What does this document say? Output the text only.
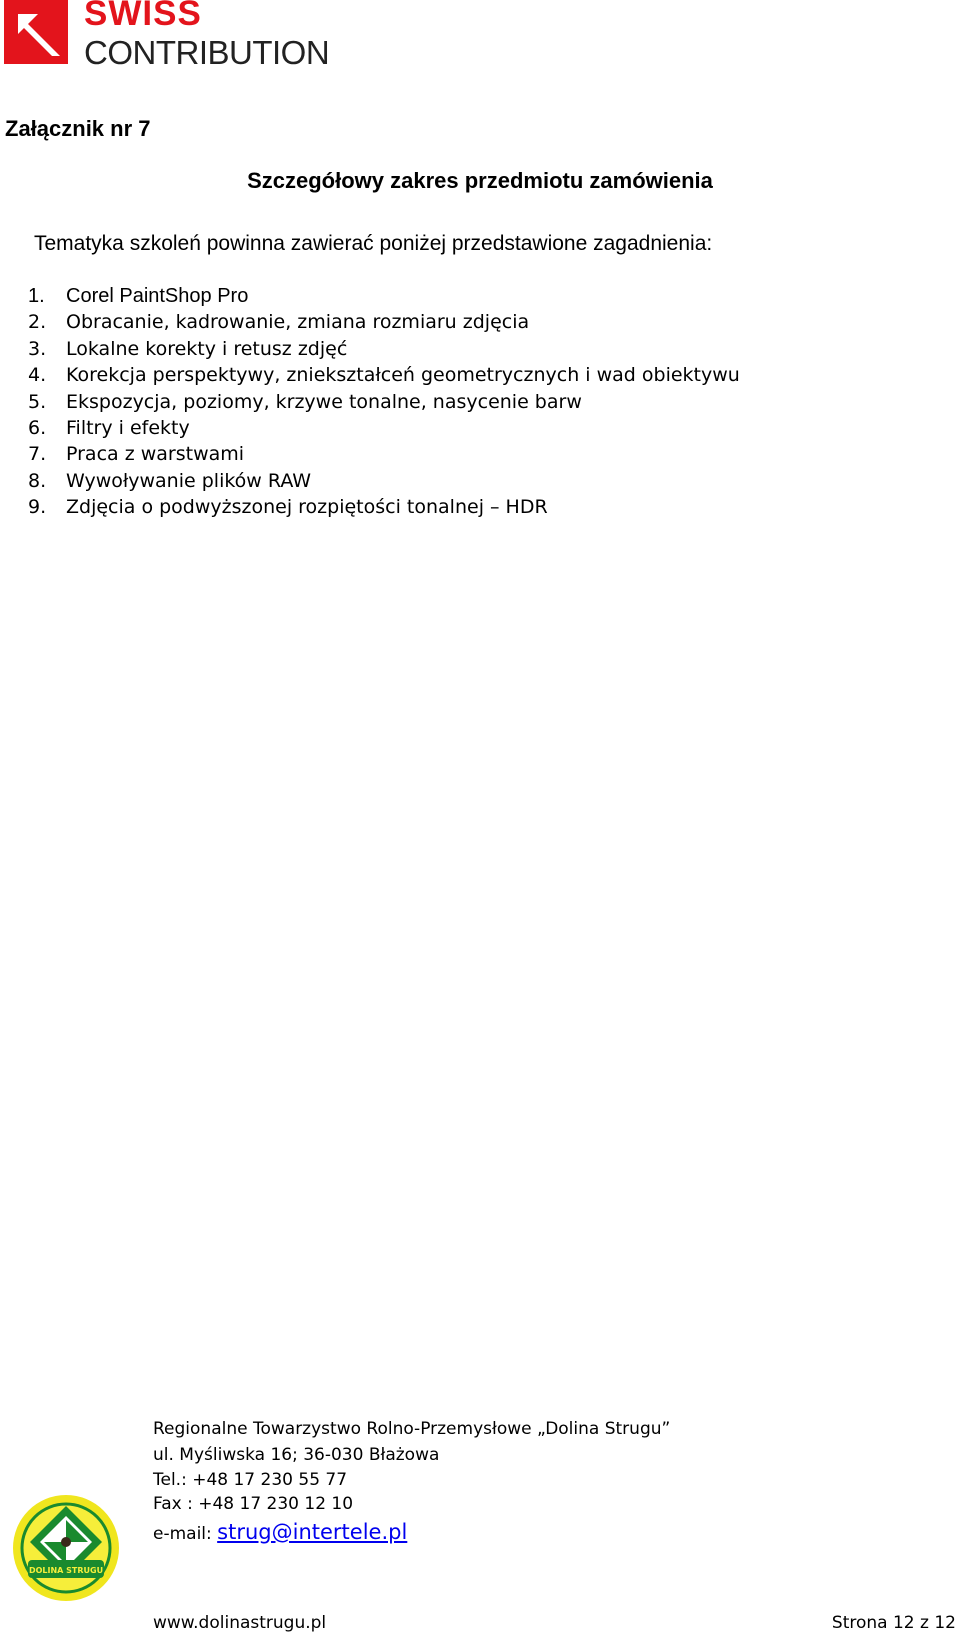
SWISS
CONTRIBUTION
Załącznik nr 7
Szczegółowy zakres przedmiotu zamówienia
Tematyka szkoleń powinna zawierać poniżej przedstawione zagadnienia:
1. Corel PaintShop Pro
2. Obracanie, kadrowanie, zmiana rozmiaru zdjęcia
3. Lokalne korekty i retusz zdjęć
4. Korekcja perspektywy, zniekształceń geometrycznych i wad obiektywu
5. Ekspozycja, poziomy, krzywe tonalne, nasycenie barw
6. Filtry i efekty
7. Praca z warstwami
8. Wywoływanie plików RAW
9. Zdjęcia o podwyższonej rozpiętości tonalnej – HDR
DOLINA STRUGU
Regionalne Towarzystwo Rolno-Przemysłowe „Dolina Strugu”
ul. Myśliwska 16; 36-030 Błażowa
Tel.: +48 17 230 55 77
Fax : +48 17 230 12 10
e-mail: strug@intertele.pl
www.dolinastrugu.pl	Strona 12 z 12
